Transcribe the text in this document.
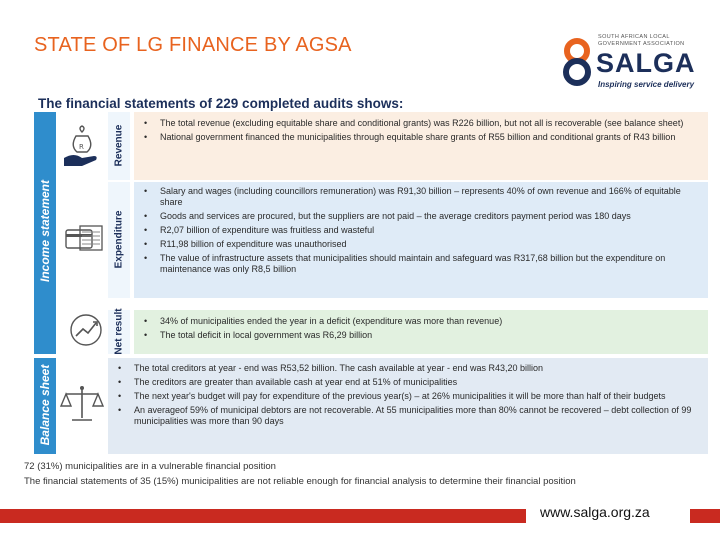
STATE OF LG FINANCE BY AGSA	SOUTH AFRICAN LOCAL GOVERNMENT ASSOCIATION
SALGA
Inspiring service delivery
The financial statements of 229 completed audits shows:
Income statement
Balance sheet
R	Revenue
Expenditure
Net result
• The total revenue (excluding equitable share and conditional grants) was R226 billion, but not all is recoverable (see balance sheet)
• National government financed the municipalities through equitable share grants of R55 billion and conditional grants of R43 billion
• Salary and wages (including councillors remuneration) was R91,30 billion – represents 40% of own revenue and 166% of equitable share
• Goods and services are procured, but the suppliers are not paid – the average creditors payment period was 180 days
• R2,07 billion of expenditure was fruitless and wasteful
• R11,98 billion of expenditure was unauthorised
• The value of infrastructure assets that municipalities should maintain and safeguard was R317,68 billion but the expenditure on maintenance was only R8,5 billion
• 34% of municipalities ended the year in a deficit (expenditure was more than revenue)
• The total deficit in local government was R6,29 billion
• The total creditors at year - end was R53,52 billion. The cash available at year - end was R43,20 billion
• The creditors are greater than available cash at year end at 51% of municipalities
• The next year's budget will pay for expenditure of the previous year(s) – at 26% municipalities it will be more than half of their budgets
• An averageof 59% of municipal debtors are not recoverable. At 55 municipalities more than 80% cannot be recovered – debt collection of 99 municipalities was more than 90 days
72 (31%) municipalities are in a vulnerable financial position
The financial statements of 35 (15%) municipalities are not reliable enough for financial analysis to determine their financial position
www.salga.org.za
